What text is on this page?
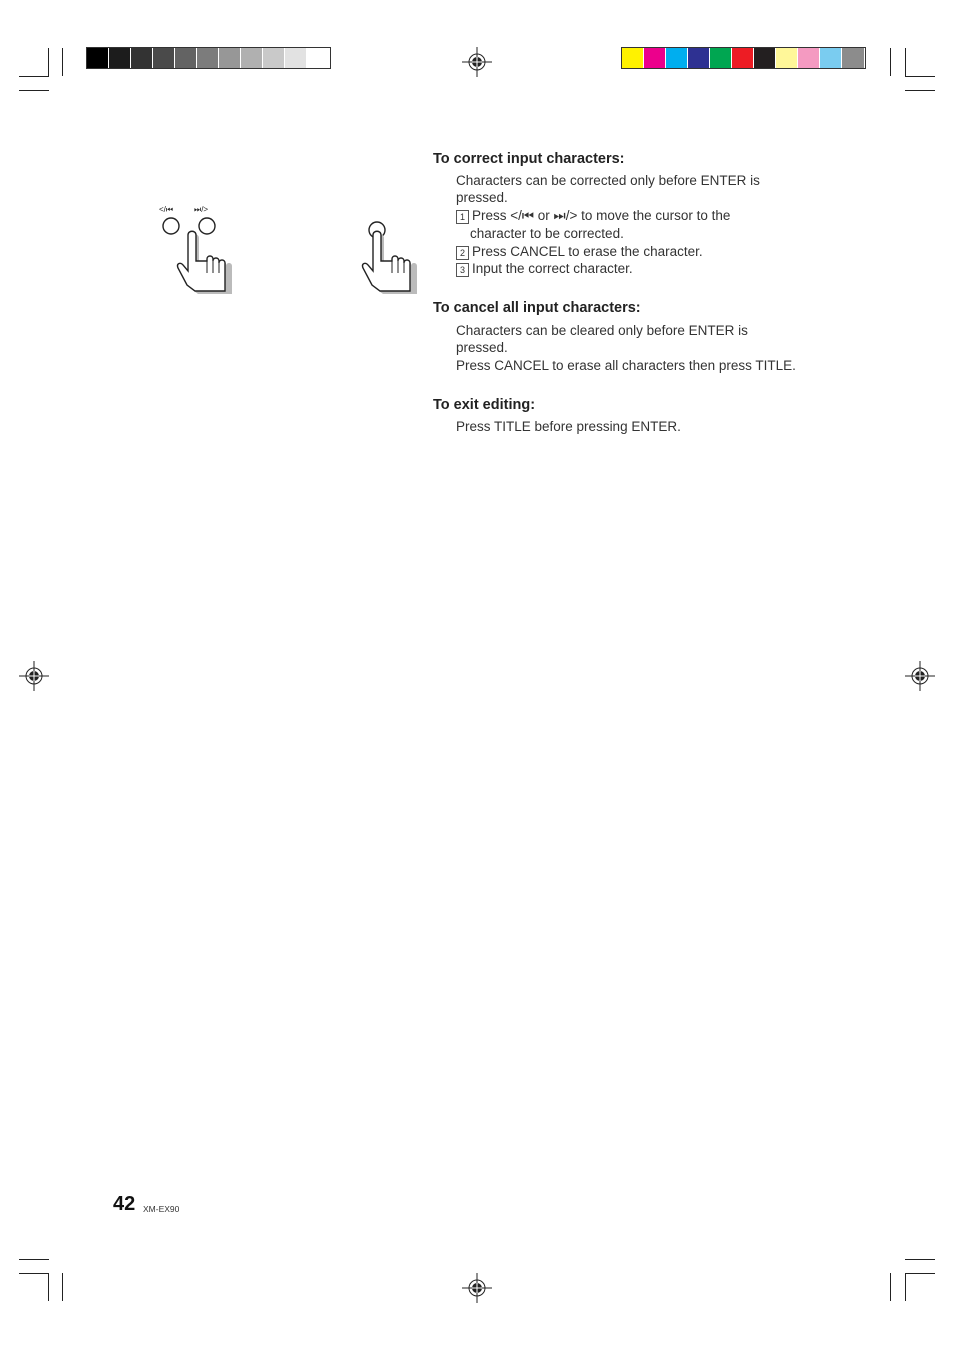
</⏮	⏭/>
To correct input characters:
Characters can be corrected only before ENTER is
pressed.
1 Press </⏮ or ⏭/> to move the cursor to the
character to be corrected.
2 Press CANCEL to erase the character.
3 Input the correct character.
To cancel all input characters:
Characters can be cleared only before ENTER is
pressed.
Press CANCEL to erase all characters then press TITLE.
To exit editing:
Press TITLE before pressing ENTER.
42 XM-EX90
